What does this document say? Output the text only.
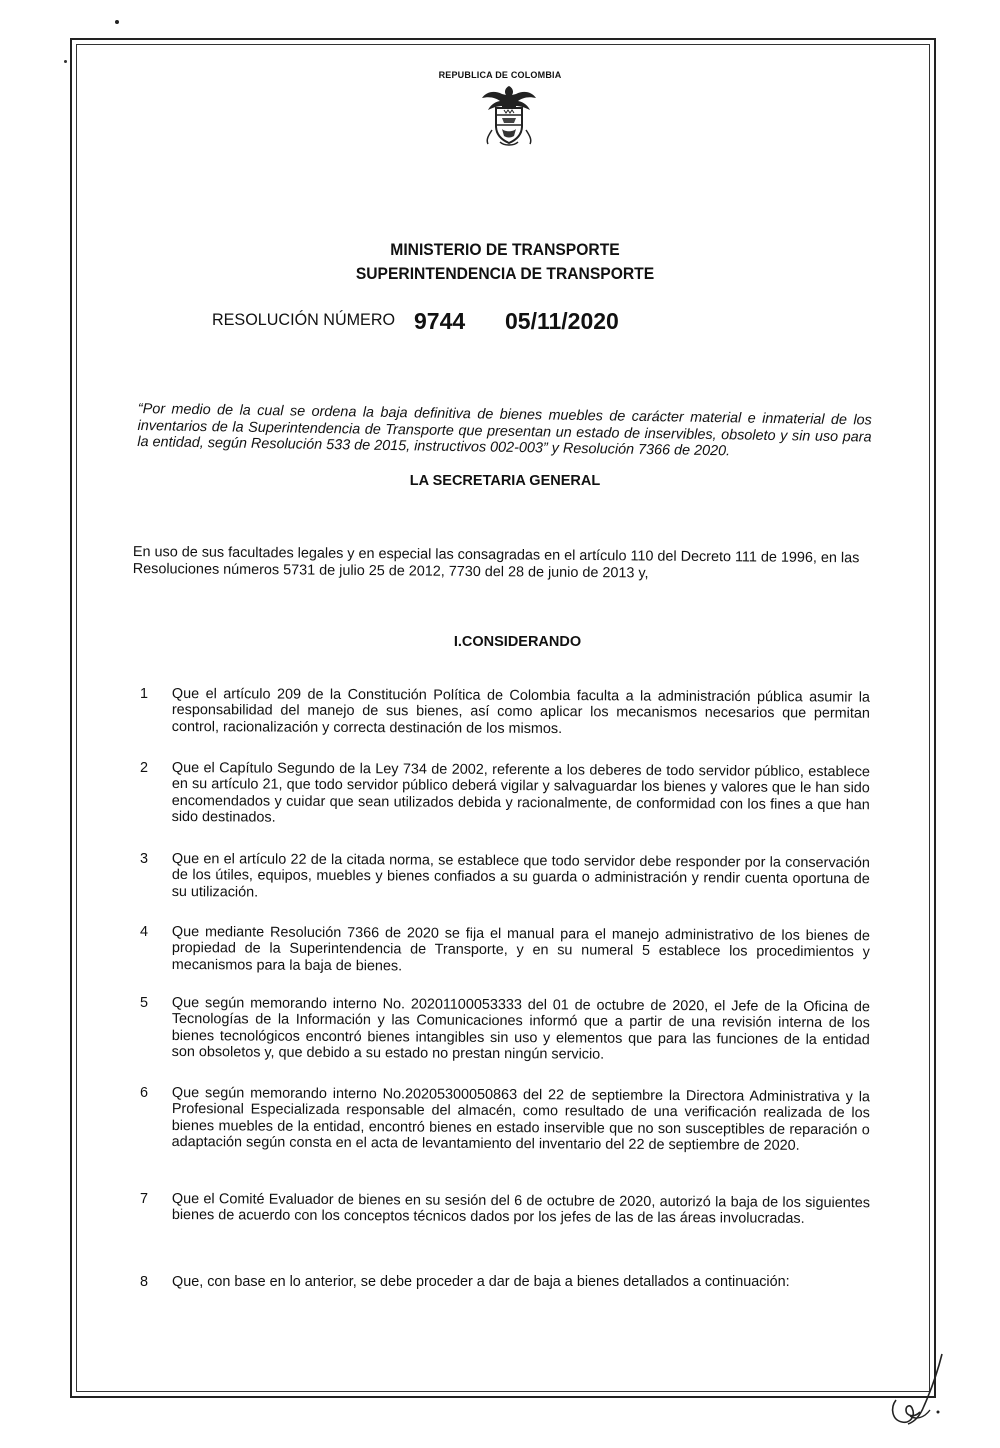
REPUBLICA DE COLOMBIA
MINISTERIO DE TRANSPORTE
SUPERINTENDENCIA DE TRANSPORTE
RESOLUCIÓN NÚMERO 9744 05/11/2020
“Por medio de la cual se ordena la baja definitiva de bienes muebles de carácter material e inmaterial de los inventarios de la Superintendencia de Transporte que presentan un estado de inservibles, obsoleto y sin uso para la entidad, según Resolución 533 de 2015, instructivos 002-003” y Resolución 7366 de 2020.
LA SECRETARIA GENERAL
En uso de sus facultades legales y en especial las consagradas en el artículo 110 del Decreto 111 de 1996, en las Resoluciones números 5731 de julio 25 de 2012, 7730 del 28 de junio de 2013 y,
I.CONSIDERANDO
1 Que el artículo 209 de la Constitución Política de Colombia faculta a la administración pública asumir la responsabilidad del manejo de sus bienes, así como aplicar los mecanismos necesarios que permitan control, racionalización y correcta destinación de los mismos.
2 Que el Capítulo Segundo de la Ley 734 de 2002, referente a los deberes de todo servidor público, establece en su artículo 21, que todo servidor público deberá vigilar y salvaguardar los bienes y valores que le han sido encomendados y cuidar que sean utilizados debida y racionalmente, de conformidad con los fines a que han sido destinados.
3 Que en el artículo 22 de la citada norma, se establece que todo servidor debe responder por la conservación de los útiles, equipos, muebles y bienes confiados a su guarda o administración y rendir cuenta oportuna de su utilización.
4 Que mediante Resolución 7366 de 2020 se fija el manual para el manejo administrativo de los bienes de propiedad de la Superintendencia de Transporte, y en su numeral 5 establece los procedimientos y mecanismos para la baja de bienes.
5 Que según memorando interno No. 20201100053333 del 01 de octubre de 2020, el Jefe de la Oficina de Tecnologías de la Información y las Comunicaciones informó que a partir de una revisión interna de los bienes tecnológicos encontró bienes intangibles sin uso y elementos que para las funciones de la entidad son obsoletos y, que debido a su estado no prestan ningún servicio.
6 Que según memorando interno No.20205300050863 del 22 de septiembre la Directora Administrativa y la Profesional Especializada responsable del almacén, como resultado de una verificación realizada de los bienes muebles de la entidad, encontró bienes en estado inservible que no son susceptibles de reparación o adaptación según consta en el acta de levantamiento del inventario del 22 de septiembre de 2020.
7 Que el Comité Evaluador de bienes en su sesión del 6 de octubre de 2020, autorizó la baja de los siguientes bienes de acuerdo con los conceptos técnicos dados por los jefes de las de las áreas involucradas.
8 Que, con base en lo anterior, se debe proceder a dar de baja a bienes detallados a continuación:
